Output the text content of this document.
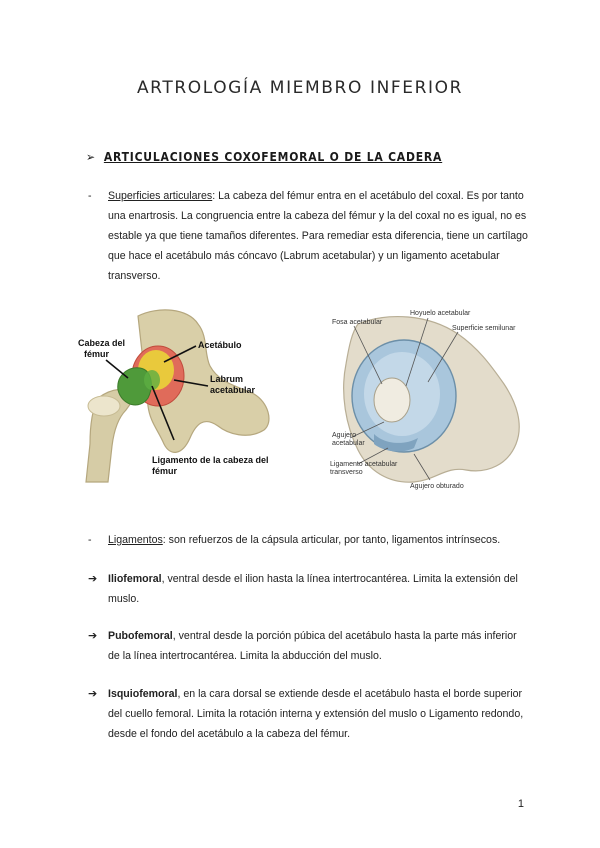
ARTROLOGÍA MIEMBRO INFERIOR
➢ ARTICULACIONES COXOFEMORAL O DE LA CADERA
- Superficies articulares: La cabeza del fémur entra en el acetábulo del coxal. Es por tanto una enartrosis. La congruencia entre la cabeza del fémur y la del coxal no es igual, no es estable ya que tiene tamaños diferentes. Para remediar esta diferencia, tiene un cartílago que hace el acetábulo más cóncavo (Labrum acetabular) y un ligamento acetabular transverso.
Cabeza del
fémur
Acetábulo
Labrum
acetabular
Ligamento de la cabeza del
fémur
Fosa acetabular
Hoyuelo acetabular
Superficie semilunar
Agujero
acetabular
Ligamento acetabular
transverso
Agujero obturado
- Ligamentos: son refuerzos de la cápsula articular, por tanto, ligamentos intrínsecos.
➔ Iliofemoral, ventral desde el ilion hasta la línea intertrocantérea. Limita la extensión del muslo.
➔ Pubofemoral, ventral desde la porción púbica del acetábulo hasta la parte más inferior de la línea intertrocantérea. Limita la abducción del muslo.
➔ Isquiofemoral, en la cara dorsal se extiende desde el acetábulo hasta el borde superior del cuello femoral. Limita la rotación interna y extensión del muslo o Ligamento redondo, desde el fondo del acetábulo a la cabeza del fémur.
1
